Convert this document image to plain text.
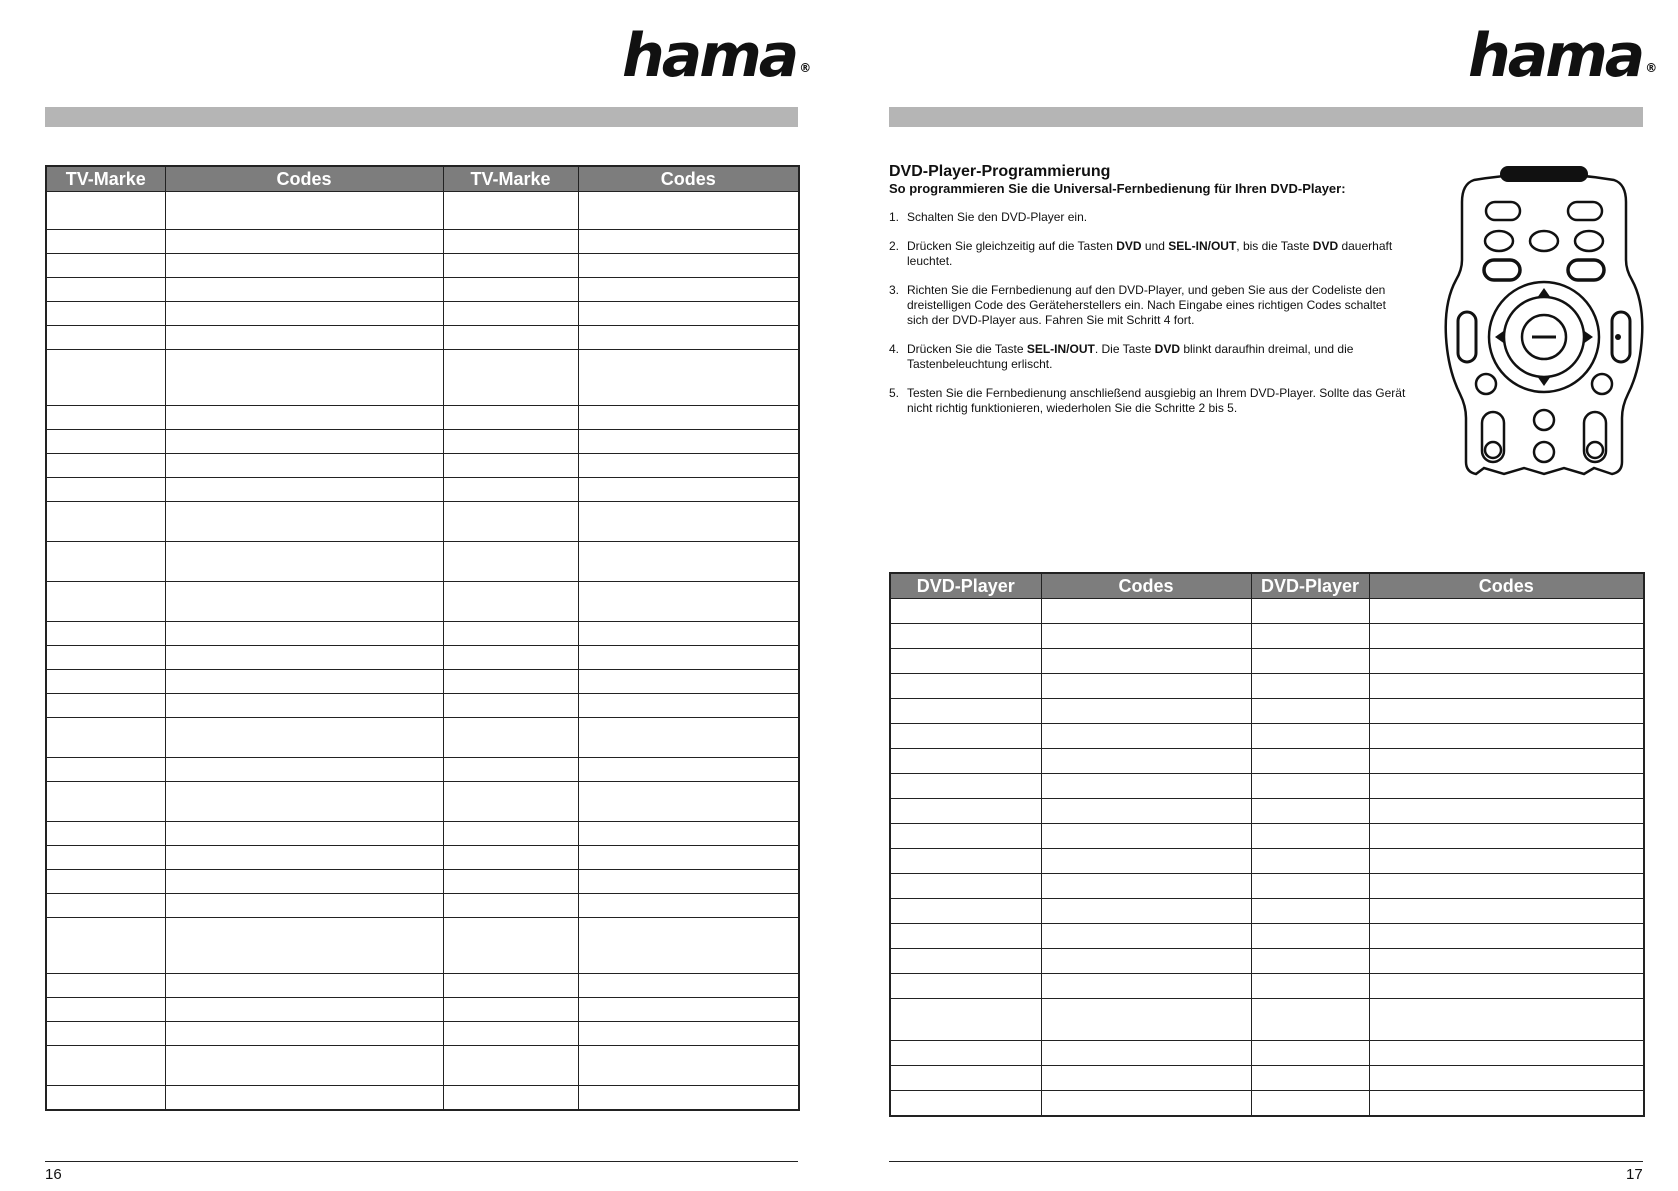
hama ®	hama ®
TV-Marke	Codes	TV-Marke	Codes

				DVD-Player-Programmierung
So programmieren Sie die Universal-Fernbedienung für Ihren DVD-Player:
1. Schalten Sie den DVD-Player ein.
2. Drücken Sie gleichzeitig auf die Tasten DVD und SEL-IN/OUT, bis die Taste DVD dauerhaft leuchtet.
3. Richten Sie die Fernbedienung auf den DVD-Player, und geben Sie aus der Codeliste den dreistelligen Code des Geräteherstellers ein. Nach Eingabe eines richtigen Codes schaltet sich der DVD-Player aus. Fahren Sie mit Schritt 4 fort.
4. Drücken Sie die Taste SEL-IN/OUT. Die Taste DVD blinkt daraufhin dreimal, und die Tastenbeleuchtung erlischt.
5. Testen Sie die Fernbedienung anschließend ausgiebig an Ihrem DVD-Player. Sollte das Gerät nicht richtig funktionieren, wiederholen Sie die Schritte 2 bis 5.
DVD-Player	Codes	DVD-Player	Codes

16	17
